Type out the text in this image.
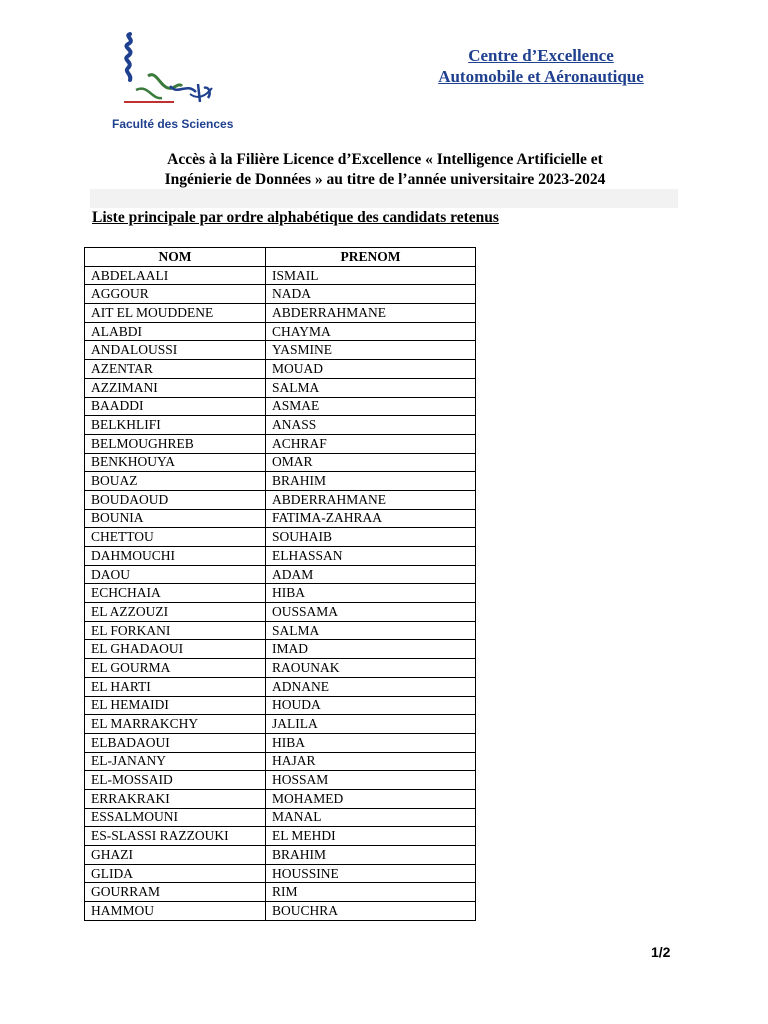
Faculté des Sciences
Centre d’Excellence
Automobile et Aéronautique
Accès à la Filière Licence d’Excellence « Intelligence Artificielle et
Ingénierie de Données » au titre de l’année universitaire 2023-2024
Liste principale par ordre alphabétique des candidats retenus
NOM	PRENOM
ABDELAALI	ISMAIL
AGGOUR	NADA
AIT EL MOUDDENE	ABDERRAHMANE
ALABDI	CHAYMA
ANDALOUSSI	YASMINE
AZENTAR	MOUAD
AZZIMANI	SALMA
BAADDI	ASMAE
BELKHLIFI	ANASS
BELMOUGHREB	ACHRAF
BENKHOUYA	OMAR
BOUAZ	BRAHIM
BOUDAOUD	ABDERRAHMANE
BOUNIA	FATIMA-ZAHRAA
CHETTOU	SOUHAIB
DAHMOUCHI	ELHASSAN
DAOU	ADAM
ECHCHAIA	HIBA
EL AZZOUZI	OUSSAMA
EL FORKANI	SALMA
EL GHADAOUI	IMAD
EL GOURMA	RAOUNAK
EL HARTI	ADNANE
EL HEMAIDI	HOUDA
EL MARRAKCHY	JALILA
ELBADAOUI	HIBA
EL-JANANY	HAJAR
EL-MOSSAID	HOSSAM
ERRAKRAKI	MOHAMED
ESSALMOUNI	MANAL
ES-SLASSI RAZZOUKI	EL MEHDI
GHAZI	BRAHIM
GLIDA	HOUSSINE
GOURRAM	RIM
HAMMOU	BOUCHRA
1/2
